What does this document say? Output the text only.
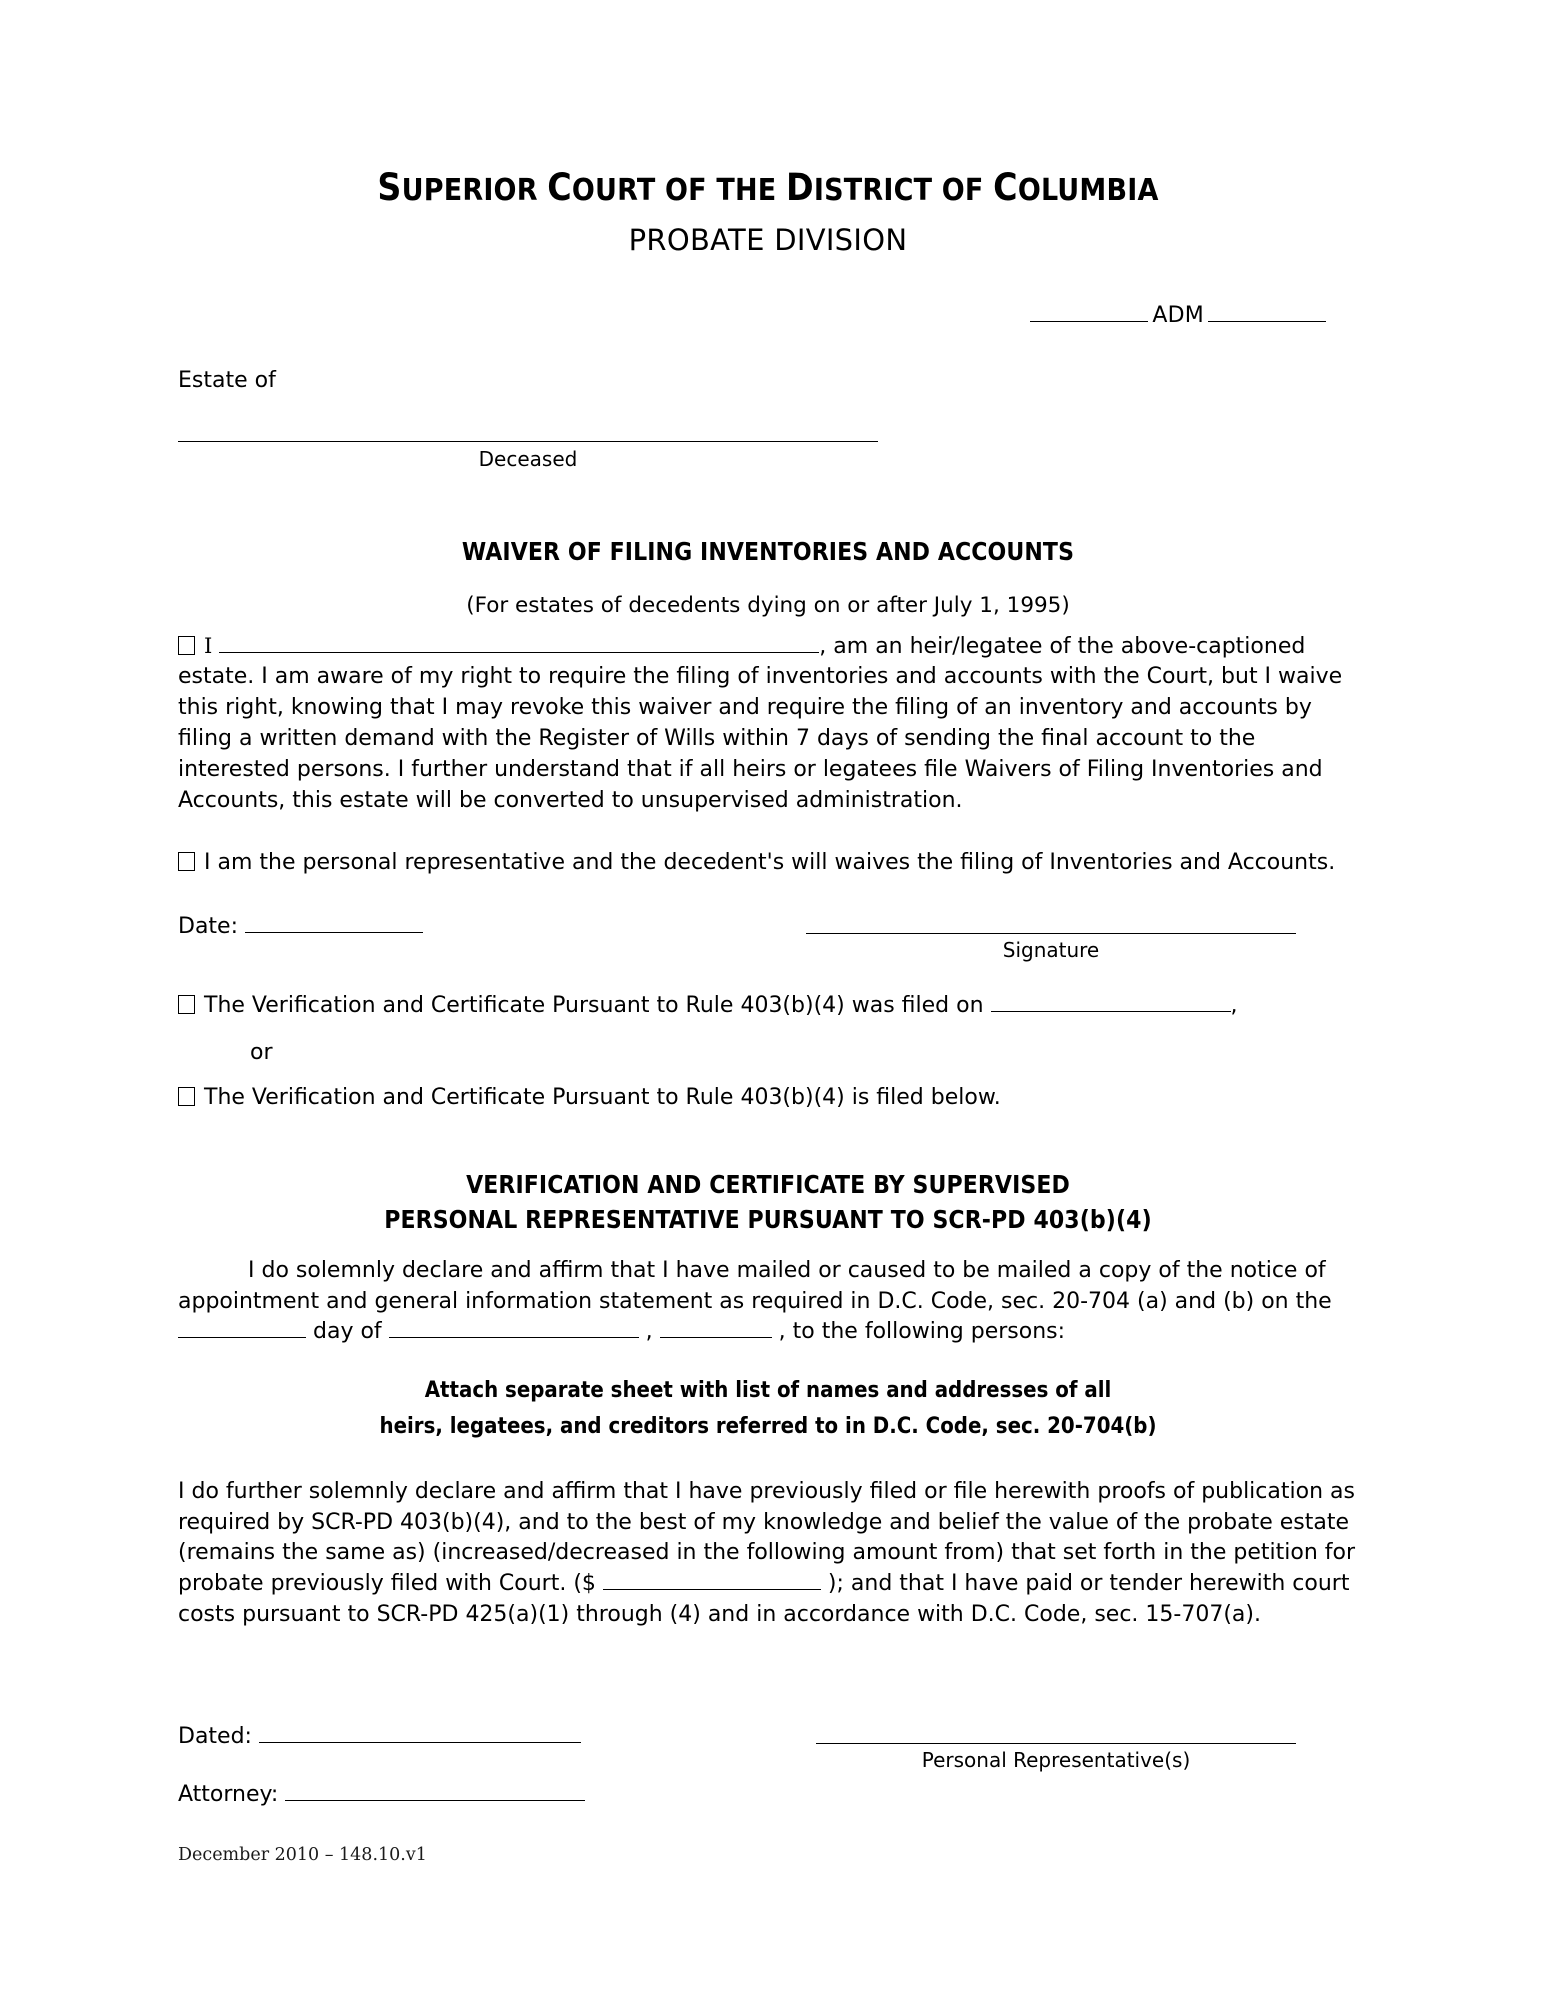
SUPERIOR COURT OF THE DISTRICT OF COLUMBIA
PROBATE DIVISION
ADM
Estate of
Deceased
WAIVER OF FILING INVENTORIES AND ACCOUNTS
(For estates of decedents dying on or after July 1, 1995)
I	, am an heir/legatee of the above-captioned estate. I am aware of my right to require the filing of inventories and accounts with the Court, but I waive this right, knowing that I may revoke this waiver and require the filing of an inventory and accounts by filing a written demand with the Register of Wills within 7 days of sending the final account to the interested persons. I further understand that if all heirs or legatees file Waivers of Filing Inventories and Accounts, this estate will be converted to unsupervised administration.
I am the personal representative and the decedent's will waives the filing of Inventories and Accounts.
Date:
Signature
The Verification and Certificate Pursuant to Rule 403(b)(4) was filed on	,
or
The Verification and Certificate Pursuant to Rule 403(b)(4) is filed below.
VERIFICATION AND CERTIFICATE BY SUPERVISED
PERSONAL REPRESENTATIVE PURSUANT TO SCR-PD 403(b)(4)
I do solemnly declare and affirm that I have mailed or caused to be mailed a copy of the notice of appointment and general information statement as required in D.C. Code, sec. 20-704 (a) and (b) on the  day of	,	, to the following persons:
Attach separate sheet with list of names and addresses of all
heirs, legatees, and creditors referred to in D.C. Code, sec. 20-704(b)
I do further solemnly declare and affirm that I have previously filed or file herewith proofs of publication as required by SCR-PD 403(b)(4), and to the best of my knowledge and belief the value of the probate estate (remains the same as) (increased/decreased in the following amount from) that set forth in the petition for probate previously filed with Court. ($	); and that I have paid or tender herewith court costs pursuant to SCR-PD 425(a)(1) through (4) and in accordance with D.C. Code, sec. 15-707(a).
Dated:
Attorney:
Personal Representative(s)
December 2010 – 148.10.v1
